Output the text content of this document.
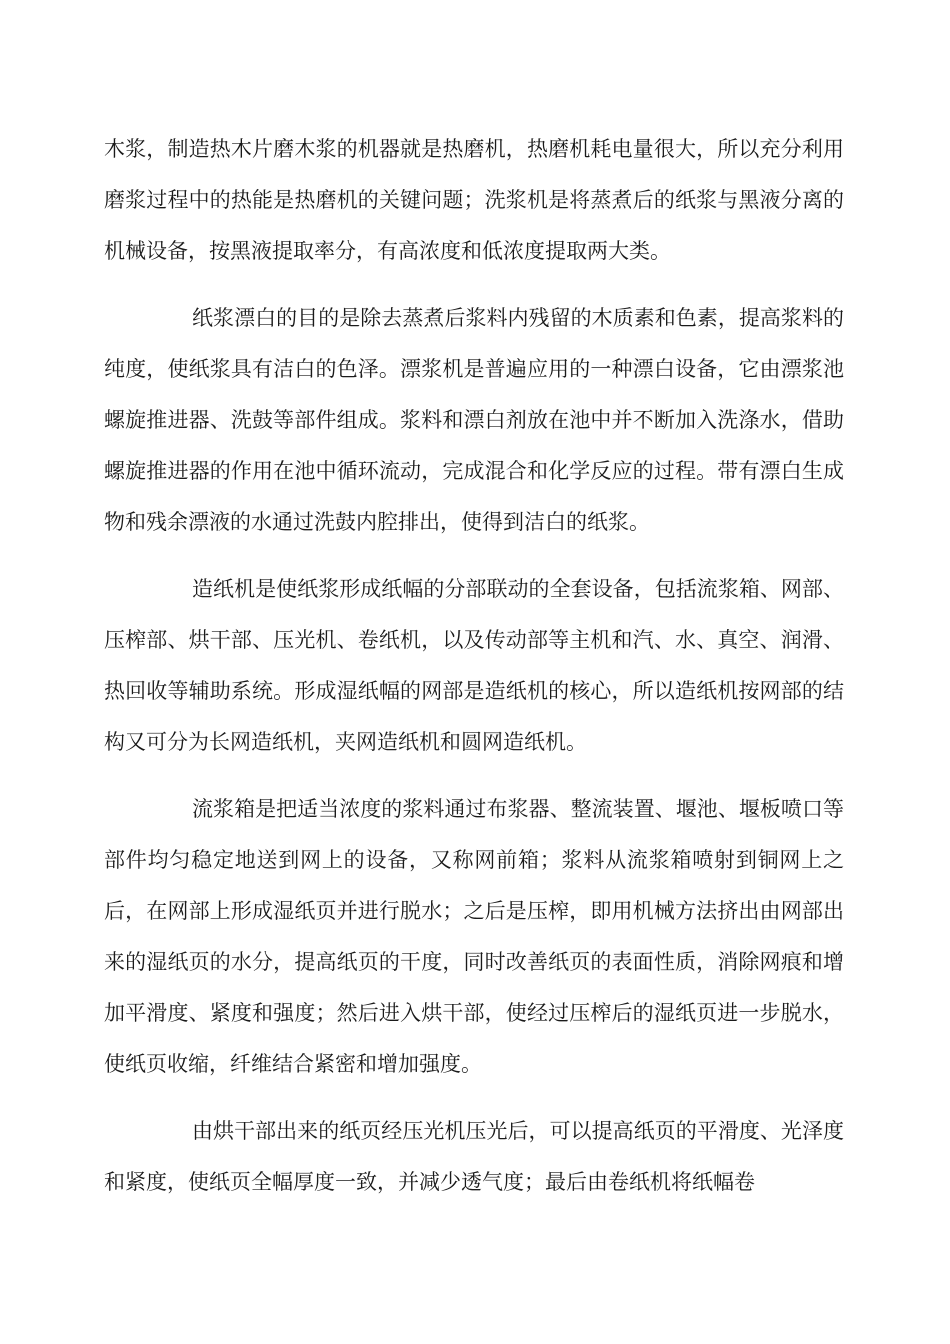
木浆，制造热木片磨木浆的机器就是热磨机，热磨机耗电量很大，所以充分利用磨浆过程中的热能是热磨机的关键问题；洗浆机是将蒸煮后的纸浆与黑液分离的机械设备，按黑液提取率分，有高浓度和低浓度提取两大类。

纸浆漂白的目的是除去蒸煮后浆料内残留的木质素和色素，提高浆料的纯度，使纸浆具有洁白的色泽。漂浆机是普遍应用的一种漂白设备，它由漂浆池螺旋推进器、洗鼓等部件组成。浆料和漂白剂放在池中并不断加入洗涤水，借助螺旋推进器的作用在池中循环流动，完成混合和化学反应的过程。带有漂白生成物和残余漂液的水通过洗鼓内腔排出，使得到洁白的纸浆。

造纸机是使纸浆形成纸幅的分部联动的全套设备，包括流浆箱、网部、压榨部、烘干部、压光机、卷纸机，以及传动部等主机和汽、水、真空、润滑、热回收等辅助系统。形成湿纸幅的网部是造纸机的核心，所以造纸机按网部的结构又可分为长网造纸机，夹网造纸机和圆网造纸机。

流浆箱是把适当浓度的浆料通过布浆器、整流装置、堰池、堰板喷口等部件均匀稳定地送到网上的设备，又称网前箱；浆料从流浆箱喷射到铜网上之后，在网部上形成湿纸页并进行脱水；之后是压榨，即用机械方法挤出由网部出来的湿纸页的水分，提高纸页的干度，同时改善纸页的表面性质，消除网痕和增加平滑度、紧度和强度；然后进入烘干部，使经过压榨后的湿纸页进一步脱水，使纸页收缩，纤维结合紧密和增加强度。

由烘干部出来的纸页经压光机压光后，可以提高纸页的平滑度、光泽度和紧度，使纸页全幅厚度一致，并减少透气度；最后由卷纸机将纸幅卷
